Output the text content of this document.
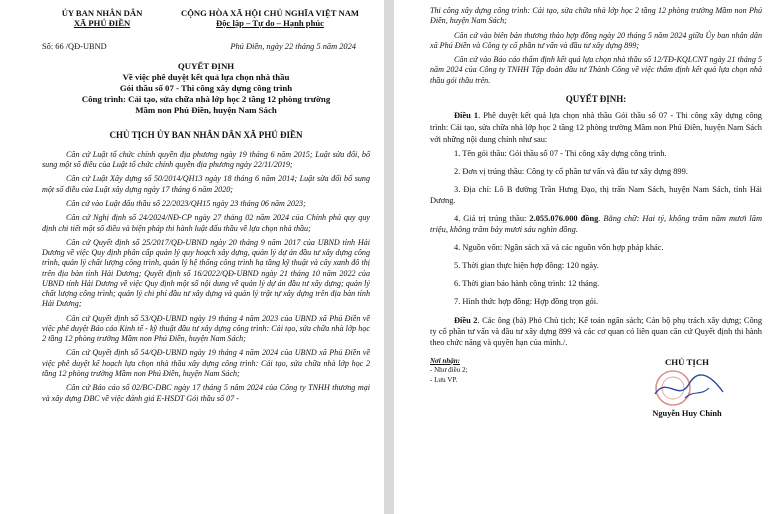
ỦY BAN NHÂN DÂN
XÃ PHÚ ĐIỀN
CỘNG HÒA XÃ HỘI CHỦ NGHĨA VIỆT NAM
Độc lập – Tự do – Hạnh phúc
Số: 66 /QĐ-UBND	Phú Điền, ngày 22 tháng 5 năm 2024
QUYẾT ĐỊNH
Về việc phê duyệt kết quả lựa chọn nhà thầu
Gói thầu số 07 - Thi công xây dựng công trình
Công trình: Cải tạo, sửa chữa nhà lớp học 2 tầng 12 phòng trường
Mầm non Phú Điền, huyện Nam Sách
CHỦ TỊCH ỦY BAN NHÂN DÂN XÃ PHÚ ĐIỀN

Căn cứ Luật tổ chức chính quyền địa phương ngày 19 tháng 6 năm 2015; Luật sửa đổi, bổ sung một số điều của Luật tổ chức chính quyền địa phương ngày 22/11/2019;

Căn cứ Luật Xây dựng số 50/2014/QH13 ngày 18 tháng 6 năm 2014; Luật sửa đổi bổ sung một số điều của Luật xây dựng ngày 17 tháng 6 năm 2020;

Căn cứ vào Luật đấu thầu số 22/2023/QH15 ngày 23 tháng 06 năm 2023;

Căn cứ Nghị định số 24/2024/NĐ-CP ngày 27 tháng 02 năm 2024 của Chính phủ quy quy định chi tiết một số điều và biện pháp thi hành luật đấu thầu về lựa chọn nhà thầu;

Căn cứ Quyết định số 25/2017/QĐ-UBND ngày 20 tháng 9 năm 2017 của UBND tỉnh Hải Dương về việc Quy định phân cấp quản lý quy hoạch xây dựng, quản lý dự án đầu tư xây dựng công trình, quản lý chất lượng công trình, quản lý hệ thống công trình hạ tầng kỹ thuật và cây xanh đô thị trên địa bàn tỉnh Hải Dương; Quyết định số 16/2022/QĐ-UBND ngày 21 tháng 10 năm 2022 của UBND tỉnh Hải Dương về việc Quy định một số nội dung về quản lý dự án đầu tư xây dựng; quản lý chất lượng công trình; quản lý chi phí đầu tư xây dựng và quản lý trật tự xây dựng trên địa bàn tỉnh Hải Dương;

Căn cứ Quyết định số 53/QĐ-UBND ngày 19 tháng 4 năm 2023 của UBND xã Phú Điền về việc phê duyệt Báo cáo Kinh tế - kỹ thuật đầu tư xây dựng công trình: Cải tạo, sửa chữa nhà lớp học 2 tầng 12 phòng trường Mầm non Phú Điền, huyện Nam Sách;

Căn cứ Quyết định số 54/QĐ-UBND ngày 19 tháng 4 năm 2024 của UBND xã Phú Điền về việc phê duyệt kế hoạch lựa chọn nhà thầu xây dựng công trình: Cải tạo, sửa chữa nhà lớp học 2 tầng 12 phòng trường Mầm non Phú Điền, huyện Nam Sách;

Căn cứ Báo cáo số 02/BC-DBC ngày 17 tháng 5 năm 2024 của Công ty TNHH thương mại và xây dựng DBC về việc đánh giá E-HSDT Gói thầu số 07 -

Thi công xây dựng công trình: Cải tạo, sửa chữa nhà lớp học 2 tầng 12 phòng trường Mầm non Phú Điền, huyện Nam Sách;

Căn cứ vào biên bản thương thảo hợp đồng ngày 20 tháng 5 năm 2024 giữa Ủy ban nhân dân xã Phú Điền và Công ty cổ phần tư vấn và đầu tư xây dựng 899;

Căn cứ vào Báo cáo thẩm định kết quả lựa chọn nhà thầu số 12/TĐ-KQLCNT ngày 21 tháng 5 năm 2024 của Công ty TNHH Tập đoàn đầu tư Thành Công về việc thẩm định kết quả lựa chọn nhà thầu gói thầu trên.

QUYẾT ĐỊNH:

Điều 1. Phê duyệt kết quả lựa chọn nhà thầu Gói thầu số 07 - Thi công xây dựng công trình: Cải tạo, sửa chữa nhà lớp học 2 tầng 12 phòng trường Mầm non Phú Điền, huyện Nam Sách với những nội dung chính như sau:

1. Tên gói thầu: Gói thầu số 07 - Thi công xây dựng công trình.

2. Đơn vị trúng thầu: Công ty cổ phần tư vấn và đầu tư xây dựng 899.

3. Địa chỉ: Lô B đường Trần Hưng Đạo, thị trấn Nam Sách, huyện Nam Sách, tỉnh Hải Dương.

4. Giá trị trúng thầu: 2.055.076.000 đồng. Bằng chữ: Hai tỷ, không trăm năm mươi lăm triệu, không trăm bảy mươi sáu nghìn đồng.

4. Nguồn vốn: Ngân sách xã và các nguồn vốn hợp pháp khác.

5. Thời gian thực hiện hợp đồng: 120 ngày.

6. Thời gian bảo hành công trình: 12 tháng.

7. Hình thức hợp đồng: Hợp đồng trọn gói.

Điều 2. Các ông (bà) Phó Chủ tịch; Kế toán ngân sách; Cán bộ phụ trách xây dựng; Công ty cổ phần tư vấn và đầu tư xây dựng 899 và các cơ quan có liên quan căn cứ Quyết định thi hành theo chức năng và quyền hạn của mình./.

Nơi nhận:
- Như điều 2;
- Lưu VP.
CHỦ TỊCH
Nguyễn Huy Chính
